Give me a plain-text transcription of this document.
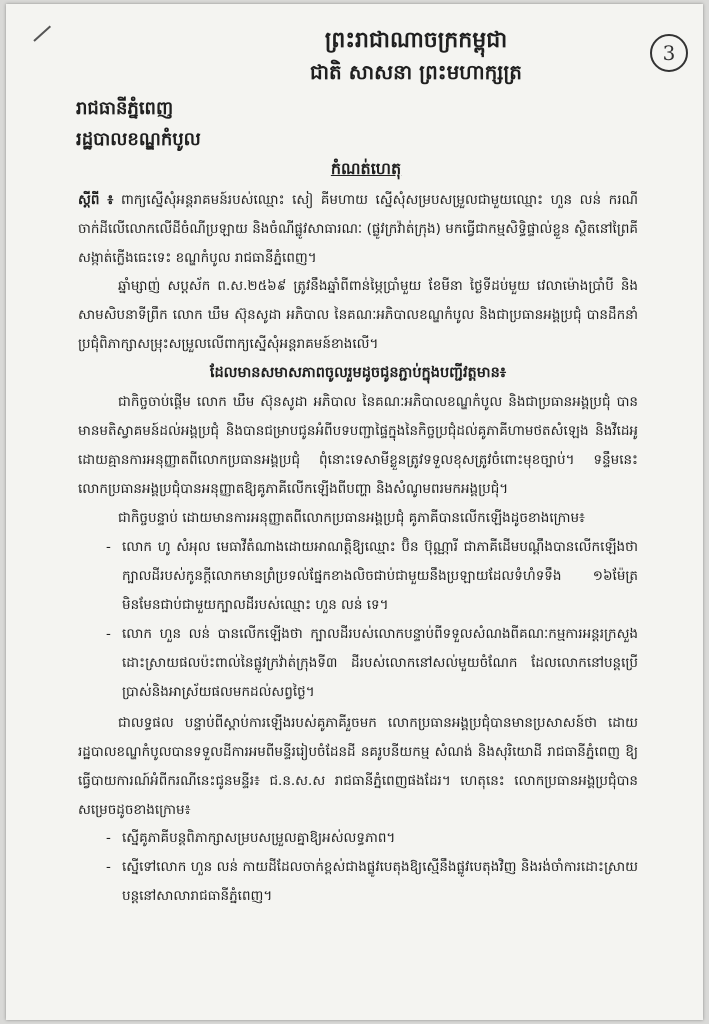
3
ព្រះរាជាណាចក្រកម្ពុជា
ជាតិ សាសនា ព្រះមហាក្សត្រ
រាជធានីភ្នំពេញ
រដ្ឋបាលខណ្ឌកំបូល
កំណត់ហេតុ
ស្តីពី ៖ ពាក្យស្នើសុំអន្តរាគមន៍របស់ឈ្មោះ សៀ គីមហាយ ស្នើសុំសម្របសម្រួលជាមួយឈ្មោះ ហួន លន់ ករណីចាក់ដីលើលោកលើដីចំណីប្រឡាយ និងចំណីផ្លូវសាធារណៈ (ផ្លូវក្រវ៉ាត់ក្រុង) មកធ្វើជាកម្មសិទ្ធិផ្ទាល់ខ្លួន ស្ថិតនៅព្រៃគី សង្កាត់ក្លើងធេះទេះ ខណ្ឌកំបូល រាជធានីភ្នំពេញ។
ឆ្នាំម្សាញ់ សប្តស័ក ព.ស.២៥៦៩ ត្រូវនឹងឆ្នាំពីពាន់ម្ភៃប្រាំមួយ ខែមីនា ថ្ងៃទីដប់មួយ វេលាម៉ោងប្រាំបី និងសាមសិបនាទីព្រឹក លោក ឃឹម ស៊ុនសូដា អភិបាល នៃគណៈអភិបាលខណ្ឌកំបូល និងជាប្រធានអង្គប្រជុំ បានដឹកនាំប្រជុំពិភាក្សាសម្រុះសម្រួលលើពាក្យស្នើសុំអន្តរាគមន៍ខាងលើ។
ដែលមានសមាសភាពចូលរួមដូចជូនភ្ជាប់ក្នុងបញ្ជីវត្តមាន៖
ជាកិច្ចចាប់ផ្តើម លោក ឃឹម ស៊ុនសូដា អភិបាល នៃគណៈអភិបាលខណ្ឌកំបូល និងជាប្រធានអង្គប្រជុំ បានមានមតិស្វាគមន៍ដល់អង្គប្រជុំ និងបានជម្រាបជូនអំពីបទបញ្ជាផ្ទៃក្នុងនៃកិច្ចប្រជុំដល់គូភាគីហាមថតសំឡេង និងវីដេអូ ដោយគ្មានការអនុញ្ញាតពីលោកប្រធានអង្គប្រជុំ ពុំនោះទេសាមីខ្លួនត្រូវទទួលខុសត្រូវចំពោះមុខច្បាប់។ ទន្ទឹមនេះ លោកប្រធានអង្គប្រជុំបានអនុញ្ញាតឱ្យគូភាគីលើកឡើងពីបញ្ហា និងសំណូមពរមកអង្គប្រជុំ។
ជាកិច្ចបន្ទាប់ ដោយមានការអនុញ្ញាតពីលោកប្រធានអង្គប្រជុំ គូភាគីបានលើកឡើងដូចខាងក្រោម៖
- លោក ហូ សំអុល មេធាវីតំណាងដោយអាណត្តិឱ្យឈ្មោះ ប៊ិន ប៊ុណ្ណារី ជាភាគីដើមបណ្តឹងបានលើកឡើងថា ក្បាលដីរបស់កូនក្តីលោកមានព្រំប្រទល់ផ្នែកខាងលិចជាប់ជាមួយនឹងប្រឡាយដែលទំហំទទឹង ១៦ម៉ែត្រ មិនមែនជាប់ជាមួយក្បាលដីរបស់ឈ្មោះ ហួន លន់ ទេ។
- លោក ហួន លន់ បានលើកឡើងថា ក្បាលដីរបស់លោកបន្ទាប់ពីទទួលសំណងពីគណៈកម្មការអន្តរក្រសួងដោះស្រាយផលប៉ះពាល់នៃផ្លូវក្រវ៉ាត់ក្រុងទី៣ ដីរបស់លោកនៅសល់មួយចំណែក ដែលលោកនៅបន្តប្រើប្រាស់និងអាស្រ័យផលមកដល់សព្វថ្ងៃ។
ជាលទ្ធផល បន្ទាប់ពីស្តាប់ការឡើងរបស់គូភាគីរួចមក លោកប្រធានអង្គប្រជុំបានមានប្រសាសន៍ថា ដោយរដ្ឋបាលខណ្ឌកំបូលបានទទួលដីការអមពីមន្ទីររៀបចំដែនដី នគរូបនីយកម្ម សំណង់ និងសុរិយោដី រាជធានីភ្នំពេញ ឱ្យធ្វើបាយការណ៍អំពីករណីនេះជូនមន្ទីរ៖ ជ.ន.ស.ស រាជធានីភ្នំពេញផងដែរ។ ហេតុនេះ លោកប្រធានអង្គប្រជុំបានសម្រេចដូចខាងក្រោម៖
- ស្នើគូភាគីបន្តពិភាក្សាសម្របសម្រួលគ្នាឱ្យអស់លទ្ធភាព។
- ស្នើទៅលោក ហួន លន់ កាយដីដែលចាក់ខ្ពស់ជាងផ្លូវបេតុងឱ្យស្មើនឹងផ្លូវបេតុងវិញ និងរង់ចាំការដោះស្រាយបន្តនៅសាលារាជធានីភ្នំពេញ។
